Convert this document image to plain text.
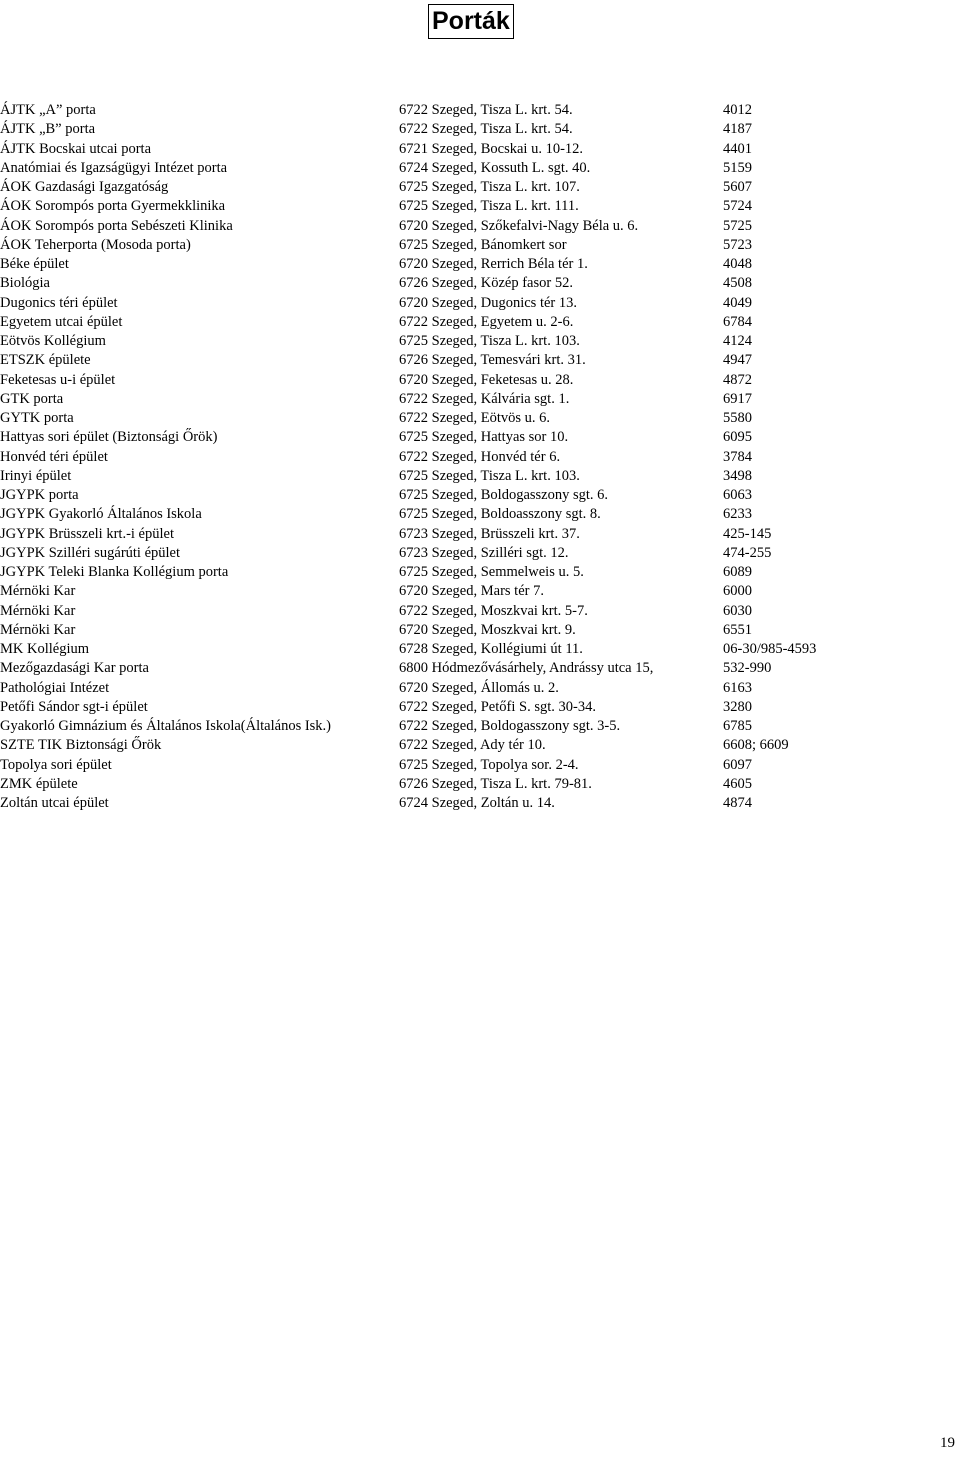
Porták
ÁJTK „A” porta	6722 Szeged, Tisza L. krt. 54.	4012
ÁJTK „B” porta	6722 Szeged, Tisza L. krt. 54.	4187
ÁJTK Bocskai utcai porta	6721 Szeged, Bocskai u. 10-12.	4401
Anatómiai és Igazságügyi Intézet porta	6724 Szeged, Kossuth L. sgt. 40.	5159
ÁOK Gazdasági Igazgatóság	6725 Szeged, Tisza L. krt. 107.	5607
ÁOK Sorompós porta Gyermekklinika	6725 Szeged, Tisza L. krt. 111.	5724
ÁOK Sorompós porta Sebészeti Klinika	6720 Szeged, Szőkefalvi-Nagy Béla u. 6.	5725
ÁOK Teherporta (Mosoda porta)	6725 Szeged, Bánomkert sor	5723
Béke épület	6720 Szeged, Rerrich Béla tér 1.	4048
Biológia	6726 Szeged, Közép fasor 52.	4508
Dugonics téri épület	6720 Szeged, Dugonics tér 13.	4049
Egyetem utcai épület	6722 Szeged, Egyetem u. 2-6.	6784
Eötvös Kollégium	6725 Szeged, Tisza L. krt. 103.	4124
ETSZK épülete	6726 Szeged, Temesvári krt. 31.	4947
Feketesas u-i épület	6720 Szeged, Feketesas u. 28.	4872
GTK porta	6722 Szeged, Kálvária sgt. 1.	6917
GYTK porta	6722 Szeged, Eötvös u. 6.	5580
Hattyas sori épület (Biztonsági Őrök)	6725 Szeged, Hattyas sor 10.	6095
Honvéd téri épület	6722 Szeged, Honvéd tér 6.	3784
Irinyi épület	6725 Szeged, Tisza L. krt. 103.	3498
JGYPK porta	6725 Szeged, Boldogasszony sgt. 6.	6063
JGYPK Gyakorló Általános Iskola	6725 Szeged, Boldoasszony sgt. 8.	6233
JGYPK Brüsszeli krt.-i épület	6723 Szeged, Brüsszeli krt. 37.	425-145
JGYPK Szilléri sugárúti épület	6723 Szeged, Szilléri sgt. 12.	474-255
JGYPK Teleki Blanka Kollégium porta	6725 Szeged, Semmelweis u. 5.	6089
Mérnöki Kar	6720 Szeged, Mars tér 7.	6000
Mérnöki Kar	6722 Szeged, Moszkvai krt. 5-7.	6030
Mérnöki Kar	6720 Szeged, Moszkvai krt. 9.	6551
MK Kollégium	6728 Szeged, Kollégiumi út 11.	06-30/985-4593
Mezőgazdasági Kar porta	6800 Hódmezővásárhely, Andrássy utca 15,	532-990
Pathológiai Intézet	6720 Szeged, Állomás u. 2.	6163
Petőfi Sándor sgt-i épület	6722 Szeged, Petőfi S. sgt. 30-34.	3280
Gyakorló Gimnázium és Általános Iskola(Általános Isk.)	6722 Szeged, Boldogasszony sgt. 3-5.	6785
SZTE TIK Biztonsági Őrök	6722 Szeged, Ady tér 10.	6608; 6609
Topolya sori épület	6725 Szeged, Topolya sor. 2-4.	6097
ZMK épülete	6726 Szeged, Tisza L. krt. 79-81.	4605
Zoltán utcai épület	6724 Szeged, Zoltán u. 14.	4874
19
